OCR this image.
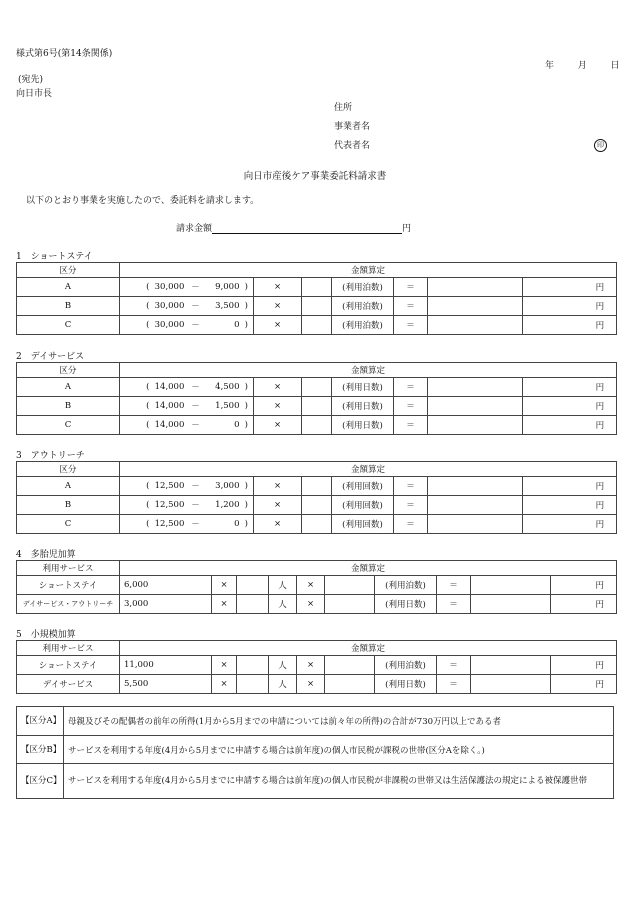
様式第6号(第14条関係)
年	月	日
(宛先)
向日市長
住所
事業者名
代表者名	印
向日市産後ケア事業委託料請求書
以下のとおり事業を実施したので、委託料を請求します。
請求金額	円
1　ショートステイ
区分	金額算定										
A	(	30,000	－	9,000	)	×		(利用泊数)	＝		円
B	(	30,000	－	3,500	)	×		(利用泊数)	＝		円
C	(	30,000	－	0	)	×		(利用泊数)	＝		円
2　デイサービス
区分	金額算定										
A	(	14,000	－	4,500	)	×		(利用日数)	＝		円
B	(	14,000	－	1,500	)	×		(利用日数)	＝		円
C	(	14,000	－	0	)	×		(利用日数)	＝		円
3　アウトリーチ
区分	金額算定										
A	(	12,500	－	3,000	)	×		(利用回数)	＝		円
B	(	12,500	－	1,200	)	×		(利用回数)	＝		円
C	(	12,500	－	0	)	×		(利用回数)	＝		円
4　多胎児加算
利用サービス	金額算定									
ショートステイ	6,000	×		人	×		(利用泊数)	＝		円
デイサービス・アウトリーチ	3,000	×		人	×		(利用日数)	＝		円
5　小規模加算
利用サービス	金額算定									
ショートステイ	11,000	×		人	×		(利用泊数)	＝		円
デイサービス	5,500	×		人	×		(利用日数)	＝		円
【区分A】	母親及びその配偶者の前年の所得(1月から5月までの申請については前々年の所得)の合計が730万円以上である者
【区分B】	サービスを利用する年度(4月から5月までに申請する場合は前年度)の個人市民税が課税の世帯(区分Aを除く。)
【区分C】	サービスを利用する年度(4月から5月までに申請する場合は前年度)の個人市民税が非課税の世帯又は生活保護法の規定による被保護世帯
